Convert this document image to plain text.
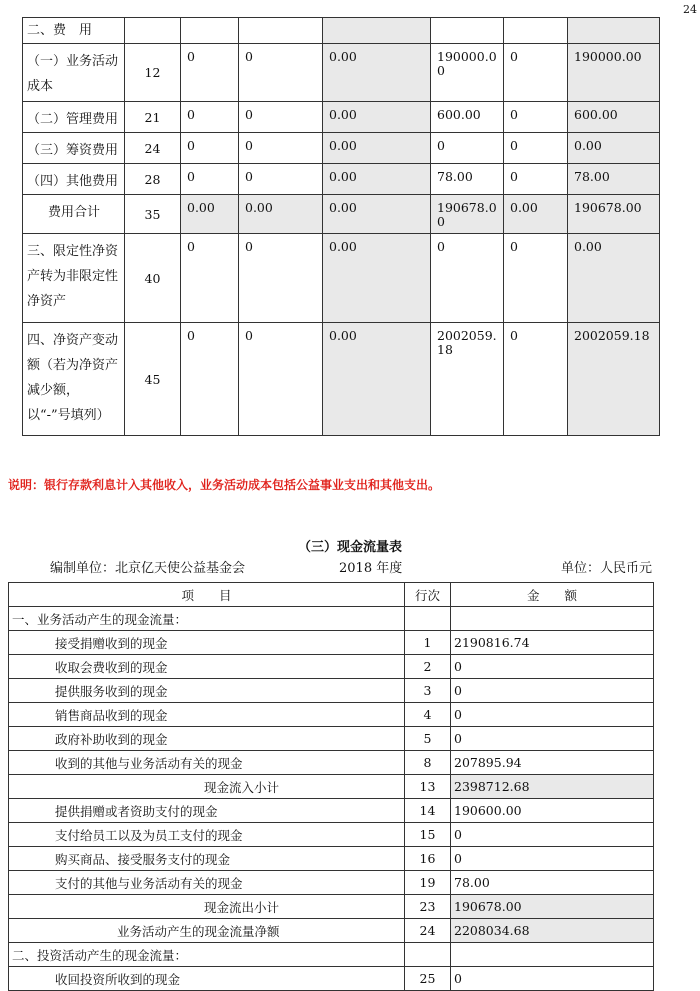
24
二、费　用							
（一）业务活动成本	12	0	0	0.00	190000.00	0	190000.00
（二）管理费用	21	0	0	0.00	600.00	0	600.00
（三）筹资费用	24	0	0	0.00	0	0	0.00
（四）其他费用	28	0	0	0.00	78.00	0	78.00
费用合计	35	0.00	0.00	0.00	190678.00	0.00	190678.00
三、限定性净资产转为非限定性净资产	40	0	0	0.00	0	0	0.00
四、净资产变动额（若为净资产减少额，以“-”号填列）	45	0	0	0.00	2002059.18	0	2002059.18
说明：银行存款利息计入其他收入，业务活动成本包括公益事业支出和其他支出。
（三）现金流量表
编制单位：北京亿天使公益基金会	2018 年度	单位：人民币元
项　　目	行次	金　　额
一、业务活动产生的现金流量：		
接受捐赠收到的现金	1	2190816.74
收取会费收到的现金	2	0
提供服务收到的现金	3	0
销售商品收到的现金	4	0
政府补助收到的现金	5	0
收到的其他与业务活动有关的现金	8	207895.94
现金流入小计	13	2398712.68
提供捐赠或者资助支付的现金	14	190600.00
支付给员工以及为员工支付的现金	15	0
购买商品、接受服务支付的现金	16	0
支付的其他与业务活动有关的现金	19	78.00
现金流出小计	23	190678.00
业务活动产生的现金流量净额	24	2208034.68
二、投资活动产生的现金流量：		
收回投资所收到的现金	25	0
